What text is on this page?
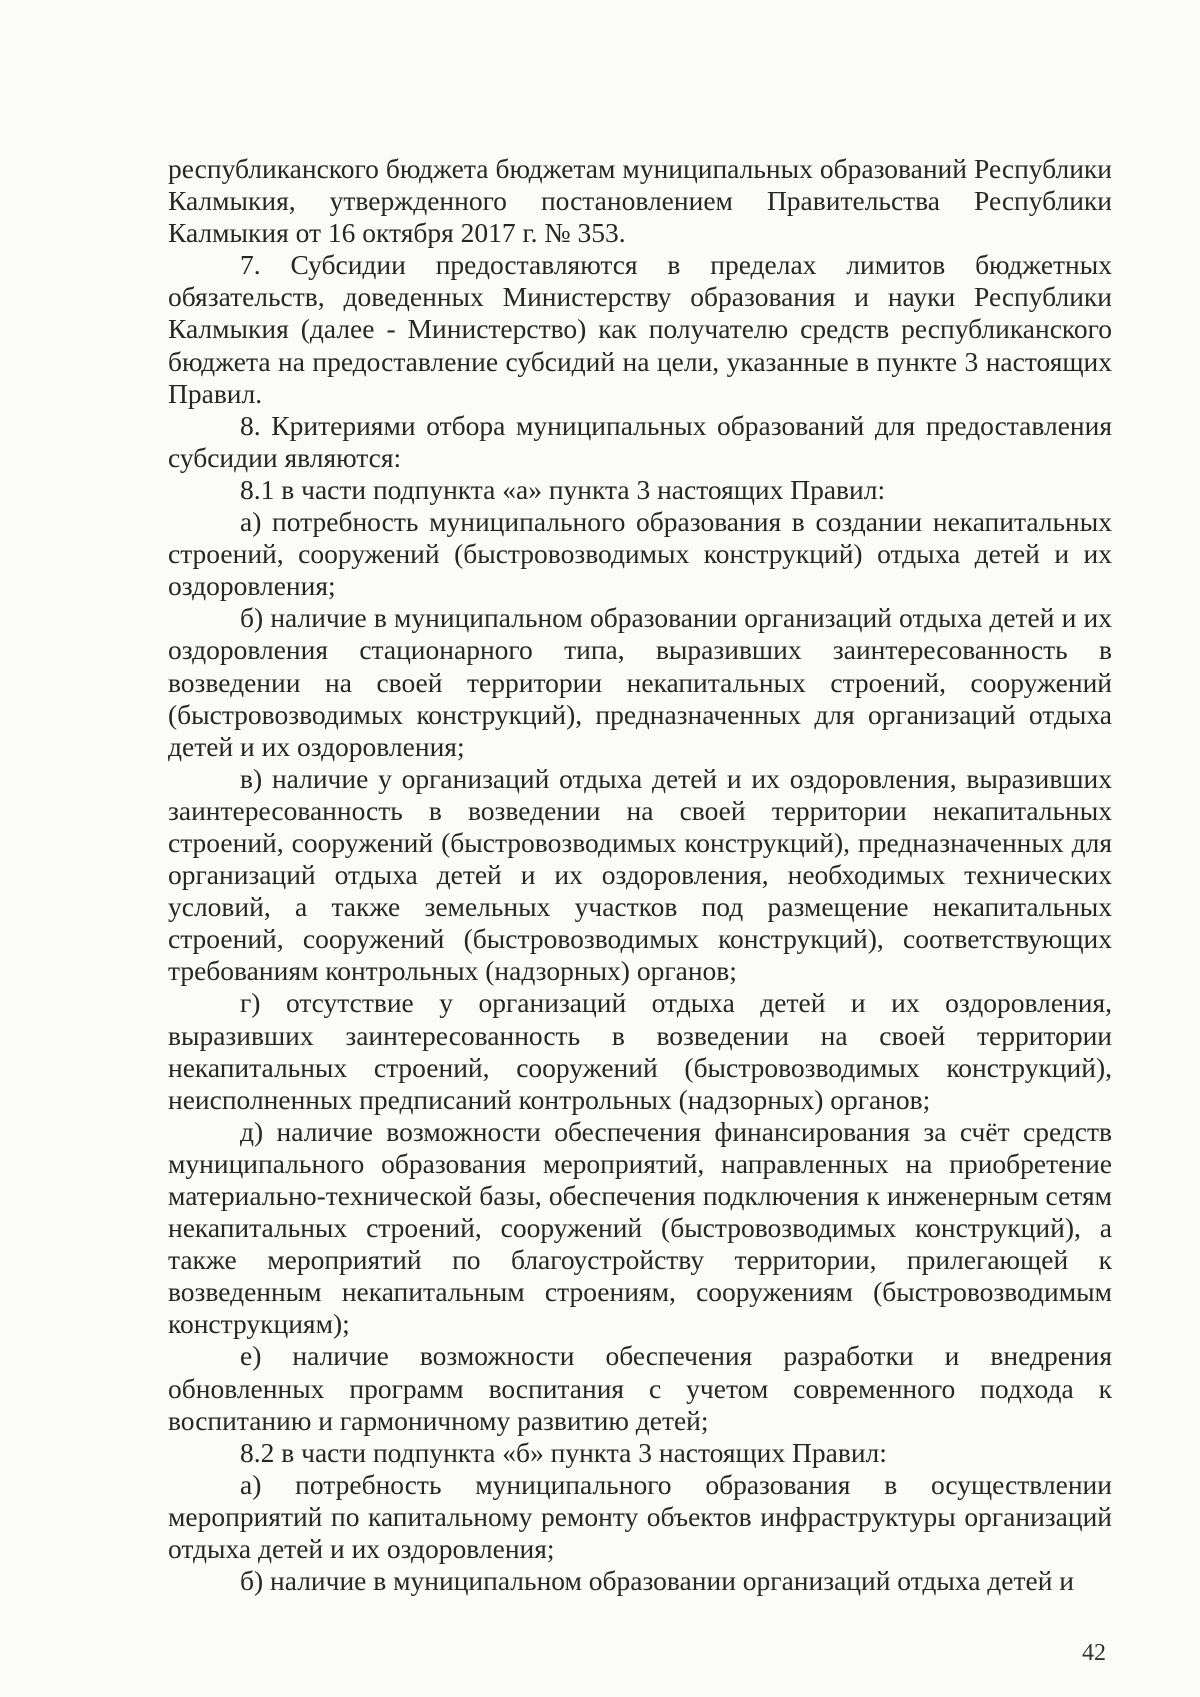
республиканского бюджета бюджетам муниципальных образований Республики Калмыкия, утвержденного постановлением Правительства Республики Калмыкия от 16 октября 2017 г. № 353.

7. Субсидии предоставляются в пределах лимитов бюджетных обязательств, доведенных Министерству образования и науки Республики Калмыкия (далее - Министерство) как получателю средств республиканского бюджета на предоставление субсидий на цели, указанные в пункте 3 настоящих Правил.

8. Критериями отбора муниципальных образований для предоставления субсидии являются:

8.1 в части подпункта «а» пункта 3 настоящих Правил:

а) потребность муниципального образования в создании некапитальных строений, сооружений (быстровозводимых конструкций) отдыха детей и их оздоровления;

б) наличие в муниципальном образовании организаций отдыха детей и их оздоровления стационарного типа, выразивших заинтересованность в возведении на своей территории некапитальных строений, сооружений (быстровозводимых конструкций), предназначенных для организаций отдыха детей и их оздоровления;

в) наличие у организаций отдыха детей и их оздоровления, выразивших заинтересованность в возведении на своей территории некапитальных строений, сооружений (быстровозводимых конструкций), предназначенных для организаций отдыха детей и их оздоровления, необходимых технических условий, а также земельных участков под размещение некапитальных строений, сооружений (быстровозводимых конструкций), соответствующих требованиям контрольных (надзорных) органов;

г) отсутствие у организаций отдыха детей и их оздоровления, выразивших заинтересованность в возведении на своей территории некапитальных строений, сооружений (быстровозводимых конструкций), неисполненных предписаний контрольных (надзорных) органов;

д) наличие возможности обеспечения финансирования за счёт средств муниципального образования мероприятий, направленных на приобретение материально-технической базы, обеспечения подключения к инженерным сетям некапитальных строений, сооружений (быстровозводимых конструкций), а также мероприятий по благоустройству территории, прилегающей к возведенным некапитальным строениям, сооружениям (быстровозводимым конструкциям);

е) наличие возможности обеспечения разработки и внедрения обновленных программ воспитания с учетом современного подхода к воспитанию и гармоничному развитию детей;

8.2 в части подпункта «б» пункта 3 настоящих Правил:

а) потребность муниципального образования в осуществлении мероприятий по капитальному ремонту объектов инфраструктуры организаций отдыха детей и их оздоровления;

б) наличие в муниципальном образовании организаций отдыха детей и

42
